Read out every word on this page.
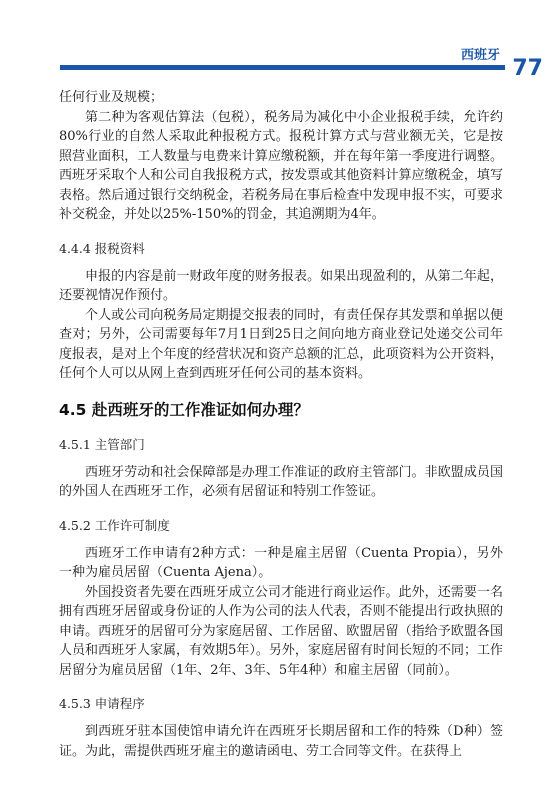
西班牙
77

任何行业及规模；

第二种为客观估算法（包税），税务局为减化中小企业报税手续，允许约80%行业的自然人采取此种报税方式。报税计算方式与营业额无关，它是按照营业面积，工人数量与电费来计算应缴税额，并在每年第一季度进行调整。西班牙采取个人和公司自我报税方式，按发票或其他资料计算应缴税金，填写表格。然后通过银行交纳税金，若税务局在事后检查中发现申报不实，可要求补交税金，并处以25%-150%的罚金，其追溯期为4年。

4.4.4 报税资料

申报的内容是前一财政年度的财务报表。如果出现盈利的，从第二年起，还要视情况作预付。

个人或公司向税务局定期提交报表的同时，有责任保存其发票和单据以便查对；另外，公司需要每年7月1日到25日之间向地方商业登记处递交公司年度报表，是对上个年度的经营状况和资产总额的汇总，此项资料为公开资料，任何个人可以从网上查到西班牙任何公司的基本资料。

4.5 赴西班牙的工作准证如何办理？
4.5.1 主管部门

西班牙劳动和社会保障部是办理工作准证的政府主管部门。非欧盟成员国的外国人在西班牙工作，必须有居留证和特别工作签证。

4.5.2 工作许可制度

西班牙工作申请有2种方式：一种是雇主居留（Cuenta Propia），另外一种为雇员居留（Cuenta Ajena）。

外国投资者先要在西班牙成立公司才能进行商业运作。此外，还需要一名拥有西班牙居留或身份证的人作为公司的法人代表，否则不能提出行政执照的申请。西班牙的居留可分为家庭居留、工作居留、欧盟居留（指给予欧盟各国人员和西班牙人家属，有效期5年）。另外，家庭居留有时间长短的不同；工作居留分为雇员居留（1年、2年、3年、5年4种）和雇主居留（同前）。

4.5.3 申请程序

到西班牙驻本国使馆申请允许在西班牙长期居留和工作的特殊（D种）签证。为此，需提供西班牙雇主的邀请函电、劳工合同等文件。在获得上
